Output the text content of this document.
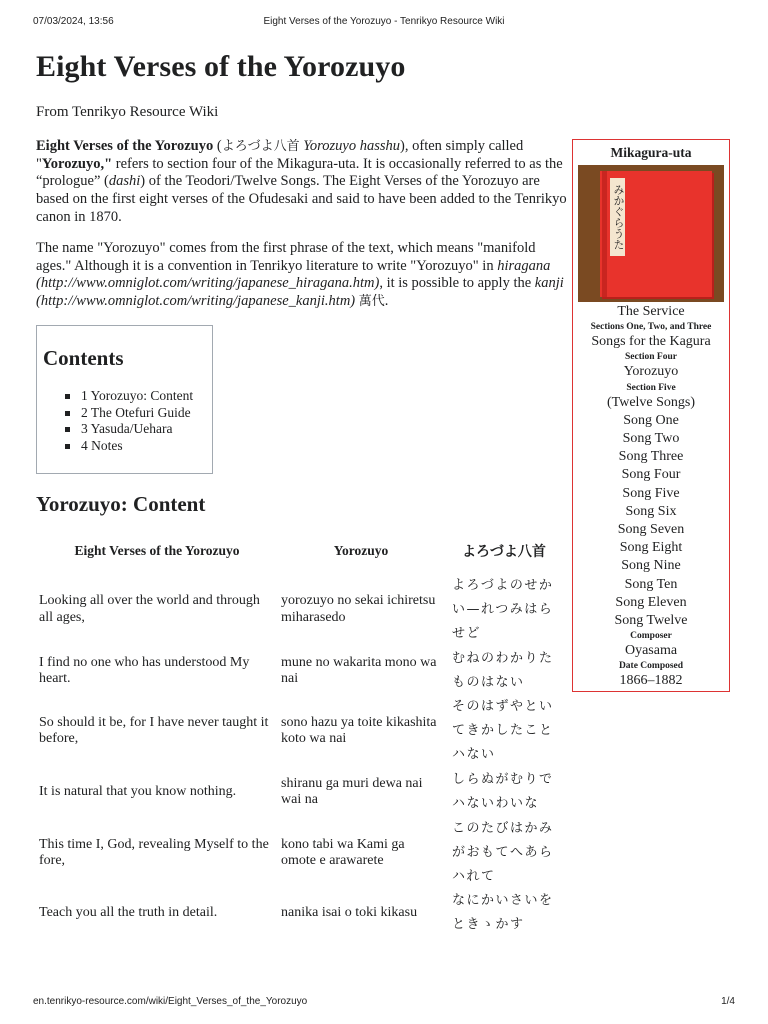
07/03/2024, 13:56	Eight Verses of the Yorozuyo - Tenrikyo Resource Wiki
Eight Verses of the Yorozuyo
From Tenrikyo Resource Wiki

Eight Verses of the Yorozuyo (よろづよ八首 Yorozuyo hasshu), often simply called "Yorozuyo," refers to section four of the Mikagura-uta. It is occasionally referred to as the “prologue” (dashi) of the Teodori/Twelve Songs. The Eight Verses of the Yorozuyo are based on the first eight verses of the Ofudesaki and said to have been added to the Tenrikyo canon in 1870.

The name "Yorozuyo" comes from the first phrase of the text, which means "manifold ages." Although it is a convention in Tenrikyo literature to write "Yorozuyo" in hiragana (http://www.omniglot.com/writing/japanese_hiragana.htm), it is possible to apply the kanji (http://www.omniglot.com/writing/japanese_kanji.htm) 萬代.

Contents
1 Yorozuyo: Content
2 The Otefuri Guide
3 Yasuda/Uehara
4 Notes
Yorozuyo: Content
Eight Verses of the Yorozuyo	Yorozuyo	よろづよ八首
Looking all over the world and through all ages,	yorozuyo no sekai ichiretsu miharasedo	よろづよのせかい—れつみはらせど
I find no one who has understood My heart.	mune no wakarita mono wa nai	むねのわかりたものはない
So should it be, for I have never taught it before,	sono hazu ya toite kikashita koto wa nai	そのはずやといてきかしたことハない
It is natural that you know nothing.	shiranu ga muri dewa nai wai na	しらぬがむりでハないわいな
This time I, God, revealing Myself to the fore,	kono tabi wa Kami ga omote e arawarete	このたびはかみがおもてへあらハれて
Teach you all the truth in detail.	nanika isai o toki kikasu	なにかいさいをときゝかす
Mikagura-uta
みかぐらうた
The Service
Sections One, Two, and Three
Songs for the Kagura
Section Four
Yorozuyo
Section Five
(Twelve Songs)
Song One
Song Two
Song Three
Song Four
Song Five
Song Six
Song Seven
Song Eight
Song Nine
Song Ten
Song Eleven
Song Twelve
Composer
Oyasama
Date Composed
1866–1882
en.tenrikyo-resource.com/wiki/Eight_Verses_of_the_Yorozuyo	1/4
